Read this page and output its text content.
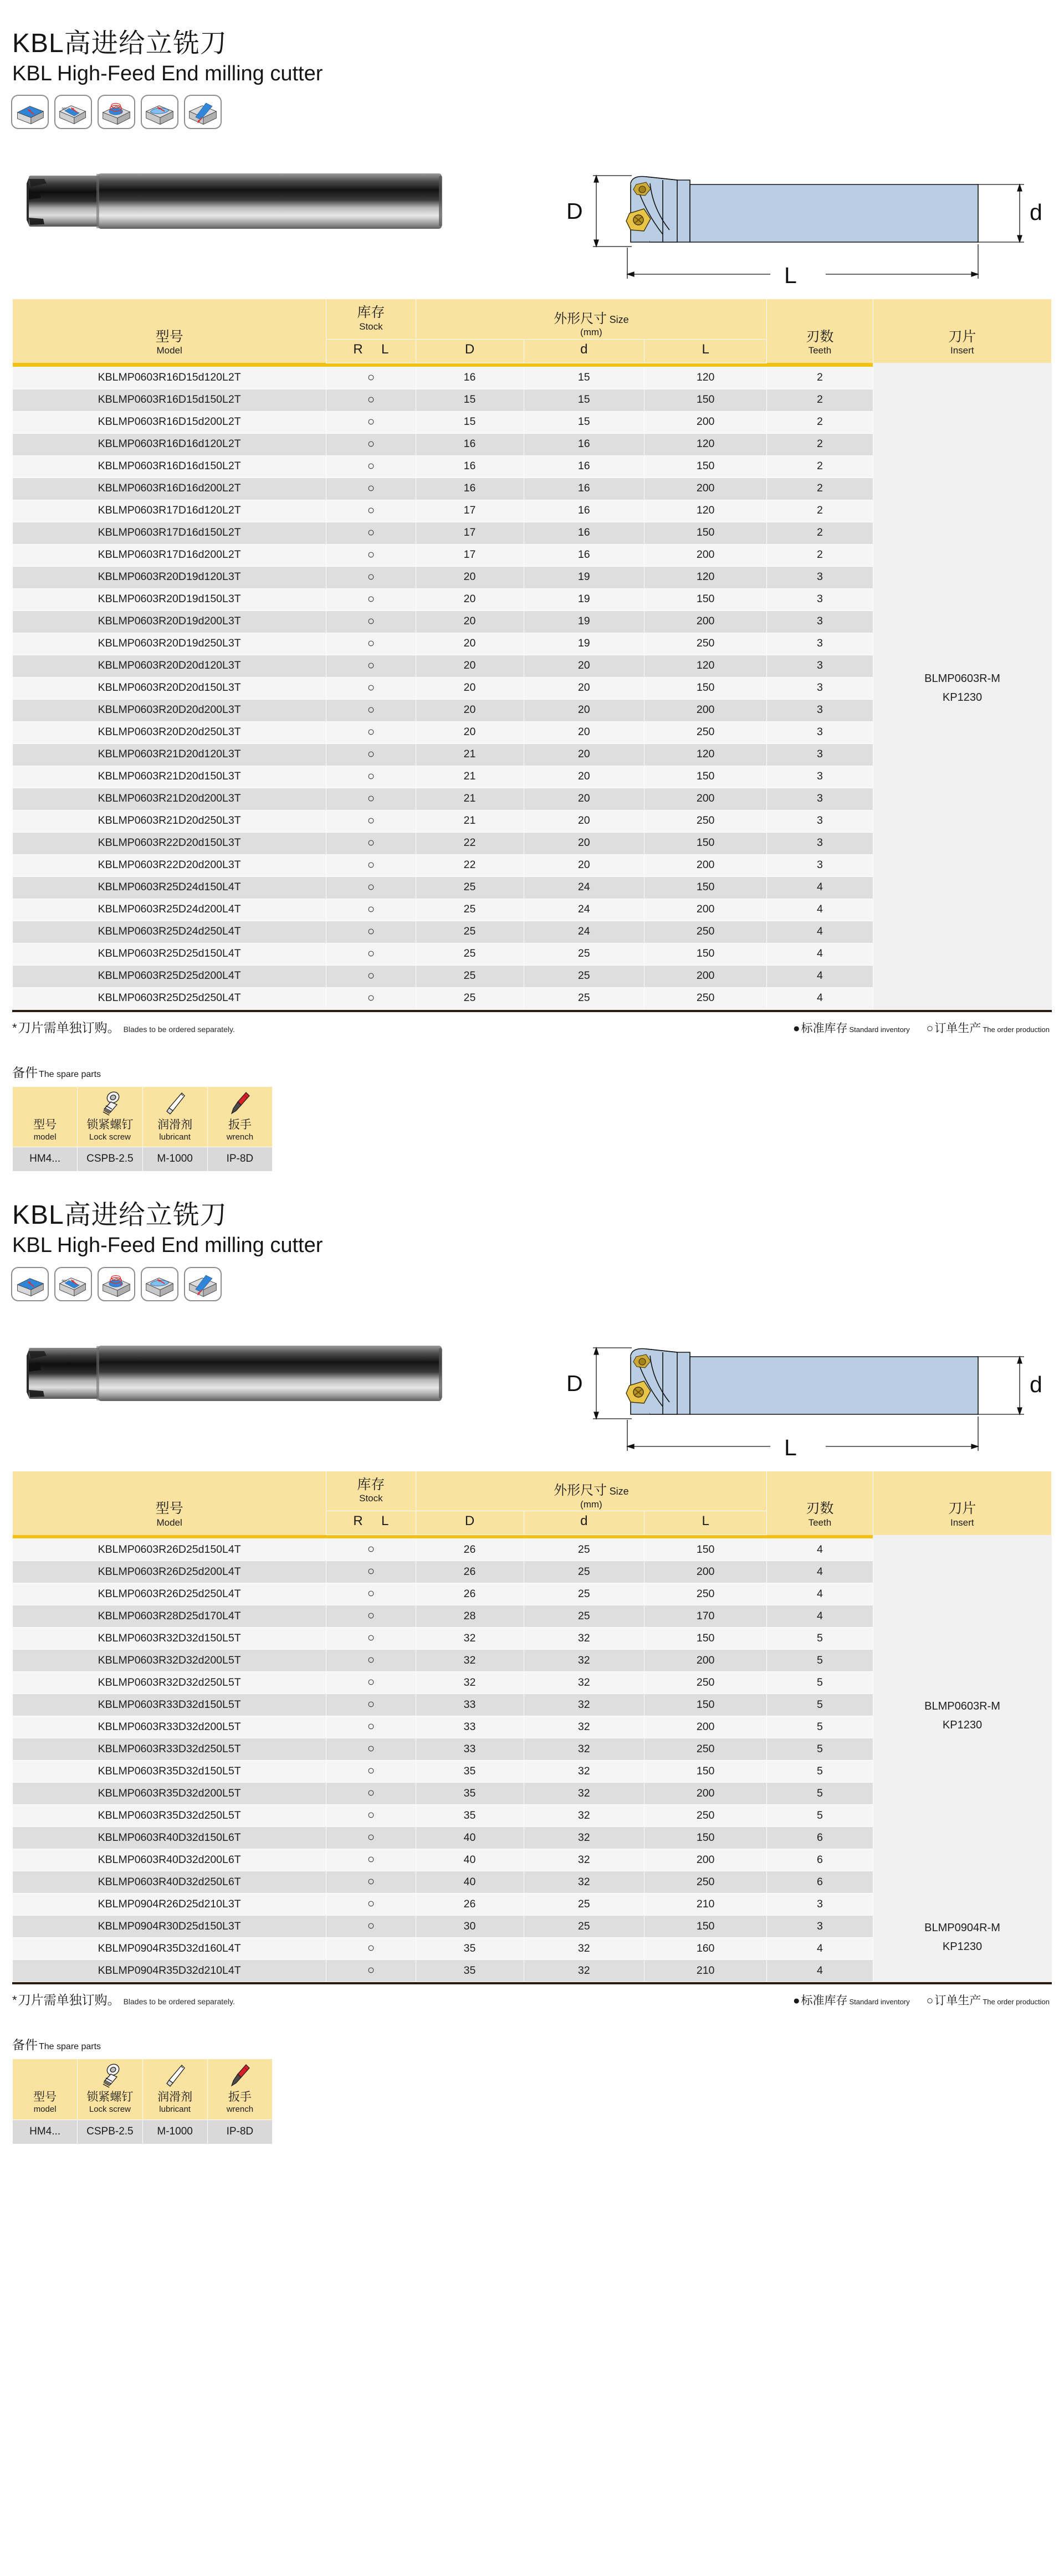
KBL高进给立铣刀
KBL High-Feed End milling cutter
90°
D	d
L
型号
Model

库存
Stock

外形尺寸 Size
(mm)	刃数
Teeth

刀片
Insert

	R L	D	d	L		

KBLMP0603R16D15d120L2T	○	16	15	120	2	BLMP0603R-M
KP1230
KBLMP0603R16D15d150L2T	○	15	15	150	2	
KBLMP0603R16D15d200L2T	○	15	15	200	2	
KBLMP0603R16D16d120L2T	○	16	16	120	2	
KBLMP0603R16D16d150L2T	○	16	16	150	2	
KBLMP0603R16D16d200L2T	○	16	16	200	2	
KBLMP0603R17D16d120L2T	○	17	16	120	2	
KBLMP0603R17D16d150L2T	○	17	16	150	2	
KBLMP0603R17D16d200L2T	○	17	16	200	2	
KBLMP0603R20D19d120L3T	○	20	19	120	3	
KBLMP0603R20D19d150L3T	○	20	19	150	3	
KBLMP0603R20D19d200L3T	○	20	19	200	3	
KBLMP0603R20D19d250L3T	○	20	19	250	3	
KBLMP0603R20D20d120L3T	○	20	20	120	3	
KBLMP0603R20D20d150L3T	○	20	20	150	3	
KBLMP0603R20D20d200L3T	○	20	20	200	3	
KBLMP0603R20D20d250L3T	○	20	20	250	3	
KBLMP0603R21D20d120L3T	○	21	20	120	3	
KBLMP0603R21D20d150L3T	○	21	20	150	3	
KBLMP0603R21D20d200L3T	○	21	20	200	3	
KBLMP0603R21D20d250L3T	○	21	20	250	3	
KBLMP0603R22D20d150L3T	○	22	20	150	3	
KBLMP0603R22D20d200L3T	○	22	20	200	3	
KBLMP0603R25D24d150L4T	○	25	24	150	4	
KBLMP0603R25D24d200L4T	○	25	24	200	4	
KBLMP0603R25D24d250L4T	○	25	24	250	4	
KBLMP0603R25D25d150L4T	○	25	25	150	4	
KBLMP0603R25D25d200L4T	○	25	25	200	4	
KBLMP0603R25D25d250L4T	○	25	25	250	4	
* 刀片需单独订购。 Blades to be ordered separately.	● 标准库存 Standard inventory ○ 订单生产 The order production
备件 The spare parts
型号
model

锁紧螺钉
Lock screw

润滑剂
lubricant

扳手
wrench

HM4...	CSPB-2.5	M-1000	IP-8D
KBL高进给立铣刀
KBL High-Feed End milling cutter
90°
D	d
L
型号
Model

库存
Stock

外形尺寸 Size
(mm)	刃数
Teeth

刀片
Insert

	R L	D	d	L		

KBLMP0603R26D25d150L4T	○	26	25	150	4	BLMP0603R-M
KP1230
KBLMP0603R26D25d200L4T	○	26	25	200	4	
KBLMP0603R26D25d250L4T	○	26	25	250	4	
KBLMP0603R28D25d170L4T	○	28	25	170	4	
KBLMP0603R32D32d150L5T	○	32	32	150	5	
KBLMP0603R32D32d200L5T	○	32	32	200	5	
KBLMP0603R32D32d250L5T	○	32	32	250	5	
KBLMP0603R33D32d150L5T	○	33	32	150	5	
KBLMP0603R33D32d200L5T	○	33	32	200	5	
KBLMP0603R33D32d250L5T	○	33	32	250	5	
KBLMP0603R35D32d150L5T	○	35	32	150	5	
KBLMP0603R35D32d200L5T	○	35	32	200	5	
KBLMP0603R35D32d250L5T	○	35	32	250	5	
KBLMP0603R40D32d150L6T	○	40	32	150	6	
KBLMP0603R40D32d200L6T	○	40	32	200	6	
KBLMP0603R40D32d250L6T	○	40	32	250	6	
KBLMP0904R26D25d210L3T	○	26	25	210	3	BLMP0904R-M
KP1230
KBLMP0904R30D25d150L3T	○	30	25	150	3	
KBLMP0904R35D32d160L4T	○	35	32	160	4	
KBLMP0904R35D32d210L4T	○	35	32	210	4	
* 刀片需单独订购。 Blades to be ordered separately.	● 标准库存 Standard inventory ○ 订单生产 The order production
备件 The spare parts
型号
model

锁紧螺钉
Lock screw

润滑剂
lubricant

扳手
wrench

HM4...	CSPB-2.5	M-1000	IP-8D
